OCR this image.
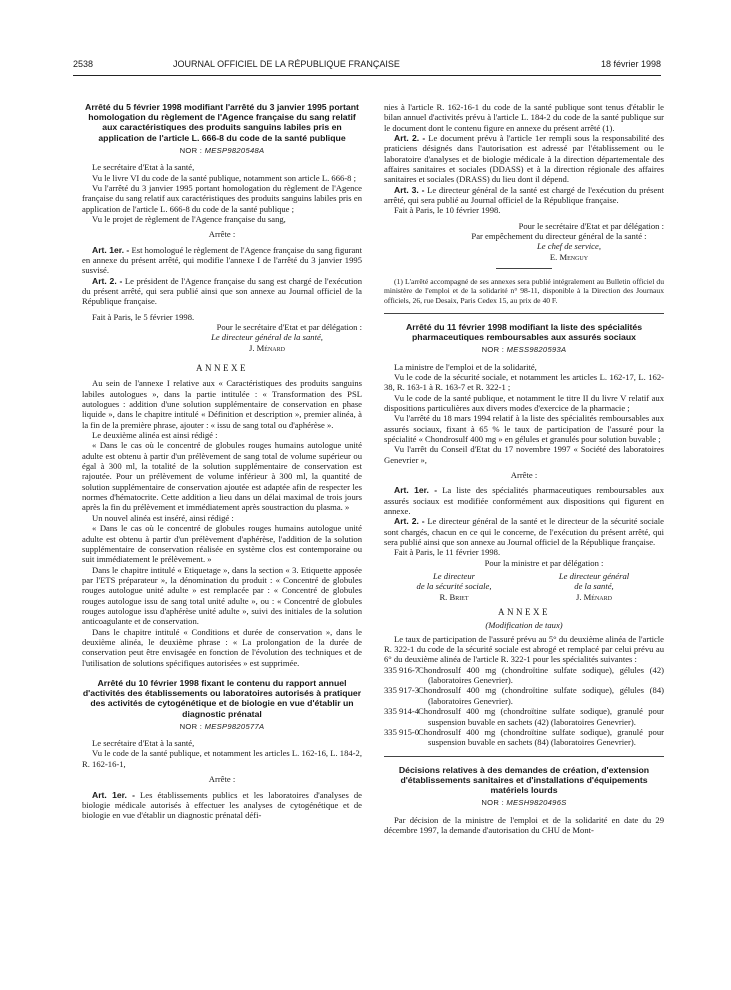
2538	JOURNAL OFFICIEL DE LA RÉPUBLIQUE FRANÇAISE	18 février 1998

Arrêté du 5 février 1998 modifiant l'arrêté du 3 janvier 1995 portant homologation du règlement de l'Agence française du sang relatif aux caractéristiques des produits sanguins labiles pris en application de l'article L. 666-8 du code de la santé publique

NOR : MESP9820548A

Le secrétaire d'Etat à la santé,

Vu le livre VI du code de la santé publique, notamment son article L. 666-8 ;

Vu l'arrêté du 3 janvier 1995 portant homologation du règlement de l'Agence française du sang relatif aux caractéristiques des produits sanguins labiles pris en application de l'article L. 666-8 du code de la santé publique ;

Vu le projet de règlement de l'Agence française du sang,

Arrête :

Art. 1er. - Est homologué le règlement de l'Agence française du sang figurant en annexe du présent arrêté, qui modifie l'annexe I de l'arrêté du 3 janvier 1995 susvisé.

Art. 2. - Le président de l'Agence française du sang est chargé de l'exécution du présent arrêté, qui sera publié ainsi que son annexe au Journal officiel de la République française.

Fait à Paris, le 5 février 1998.

Pour le secrétaire d'Etat et par délégation :

Le directeur général de la santé,

J. Ménard

ANNEXE

Au sein de l'annexe I relative aux « Caractéristiques des produits sanguins labiles autologues », dans la partie intitulée : « Transformation des PSL autologues : addition d'une solution supplémentaire de conservation en phase liquide », dans le chapitre intitulé « Définition et description », premier alinéa, à la fin de la première phrase, ajouter : « issu de sang total ou d'aphérèse ».

Le deuxième alinéa est ainsi rédigé :

« Dans le cas où le concentré de globules rouges humains autologue unité adulte est obtenu à partir d'un prélèvement de sang total de volume supérieur ou égal à 300 ml, la totalité de la solution supplémentaire de conservation est rajoutée. Pour un prélèvement de volume inférieur à 300 ml, la quantité de solution supplémentaire de conservation ajoutée est adaptée afin de respecter les normes d'hématocrite. Cette addition a lieu dans un délai maximal de trois jours après la fin du prélèvement et immédiatement après soustraction du plasma. »

Un nouvel alinéa est inséré, ainsi rédigé :

« Dans le cas où le concentré de globules rouges humains autologue unité adulte est obtenu à partir d'un prélèvement d'aphérèse, l'addition de la solution supplémentaire de conservation réalisée en système clos est contemporaine ou suit immédiatement le prélèvement. »

Dans le chapitre intitulé « Etiquetage », dans la section « 3. Etiquette apposée par l'ETS préparateur », la dénomination du produit : « Concentré de globules rouges autologue unité adulte » est remplacée par : « Concentré de globules rouges autologue issu de sang total unité adulte », ou : « Concentré de globules rouges autologue issu d'aphérèse unité adulte », suivi des initiales de la solution anticoagulante et de conservation.

Dans le chapitre intitulé « Conditions et durée de conservation », dans le deuxième alinéa, le deuxième phrase : « La prolongation de la durée de conservation peut être envisagée en fonction de l'évolution des techniques et de l'utilisation de solutions spécifiques autorisées » est supprimée.

Arrêté du 10 février 1998 fixant le contenu du rapport annuel d'activités des établissements ou laboratoires autorisés à pratiquer des activités de cytogénétique et de biologie en vue d'établir un diagnostic prénatal

NOR : MESP9820577A

Le secrétaire d'Etat à la santé,

Vu le code de la santé publique, et notamment les articles L. 162-16, L. 184-2, R. 162-16-1,

Arrête :

Art. 1er. - Les établissements publics et les laboratoires d'analyses de biologie médicale autorisés à effectuer les analyses de cytogénétique et de biologie en vue d'établir un diagnostic prénatal défi-

nies à l'article R. 162-16-1 du code de la santé publique sont tenus d'établir le bilan annuel d'activités prévu à l'article L. 184-2 du code de la santé publique sur le document dont le contenu figure en annexe du présent arrêté (1).

Art. 2. - Le document prévu à l'article 1er rempli sous la responsabilité des praticiens désignés dans l'autorisation est adressé par l'établissement ou le laboratoire d'analyses et de biologie médicale à la direction départementale des affaires sanitaires et sociales (DDASS) et à la direction régionale des affaires sanitaires et sociales (DRASS) du lieu dont il dépend.

Art. 3. - Le directeur général de la santé est chargé de l'exécution du présent arrêté, qui sera publié au Journal officiel de la République française.

Fait à Paris, le 10 février 1998.

Pour le secrétaire d'Etat et par délégation :

Par empêchement du directeur général de la santé :

Le chef de service,

E. Menguy

(1) L'arrêté accompagné de ses annexes sera publié intégralement au Bulletin officiel du ministère de l'emploi et de la solidarité n° 98-11, disponible à la Direction des Journaux officiels, 26, rue Desaix, Paris Cedex 15, au prix de 40 F.

Arrêté du 11 février 1998 modifiant la liste des spécialités pharmaceutiques remboursables aux assurés sociaux

NOR : MESS9820593A

La ministre de l'emploi et de la solidarité,

Vu le code de la sécurité sociale, et notamment les articles L. 162-17, L. 162-38, R. 163-1 à R. 163-7 et R. 322-1 ;

Vu le code de la santé publique, et notamment le titre II du livre V relatif aux dispositions particulières aux divers modes d'exercice de la pharmacie ;

Vu l'arrêté du 18 mars 1994 relatif à la liste des spécialités remboursables aux assurés sociaux, fixant à 65 % le taux de participation de l'assuré pour la spécialité « Chondrosulf 400 mg » en gélules et granulés pour solution buvable ;

Vu l'arrêt du Conseil d'Etat du 17 novembre 1997 « Société des laboratoires Genevrier »,

Arrête :

Art. 1er. - La liste des spécialités pharmaceutiques remboursables aux assurés sociaux est modifiée conformément aux dispositions qui figurent en annexe.

Art. 2. - Le directeur général de la santé et le directeur de la sécurité sociale sont chargés, chacun en ce qui le concerne, de l'exécution du présent arrêté, qui sera publié ainsi que son annexe au Journal officiel de la République française.

Fait à Paris, le 11 février 1998.

Pour la ministre et par délégation :

Le directeur
de la sécurité sociale,
R. Briet
Le directeur général
de la santé,
J. Ménard

ANNEXE

(Modification de taux)

Le taux de participation de l'assuré prévu au 5° du deuxième alinéa de l'article R. 322-1 du code de la sécurité sociale est abrogé et remplacé par celui prévu au 6° du deuxième alinéa de l'article R. 322-1 pour les spécialités suivantes :

335 916-7	Chondrosulf 400 mg (chondroïtine sulfate sodique), gélules (42) (laboratoires Genevrier).
335 917-3	Chondrosulf 400 mg (chondroïtine sulfate sodique), gélules (84) (laboratoires Genevrier).
335 914-4	Chondrosulf 400 mg (chondroïtine sulfate sodique), granulé pour suspension buvable en sachets (42) (laboratoires Genevrier).
335 915-0	Chondrosulf 400 mg (chondroïtine sulfate sodique), granulé pour suspension buvable en sachets (84) (laboratoires Genevrier).

Décisions relatives à des demandes de création, d'extension d'établissements sanitaires et d'installations d'équipements matériels lourds

NOR : MESH9820496S

Par décision de la ministre de l'emploi et de la solidarité en date du 29 décembre 1997, la demande d'autorisation du CHU de Mont-
